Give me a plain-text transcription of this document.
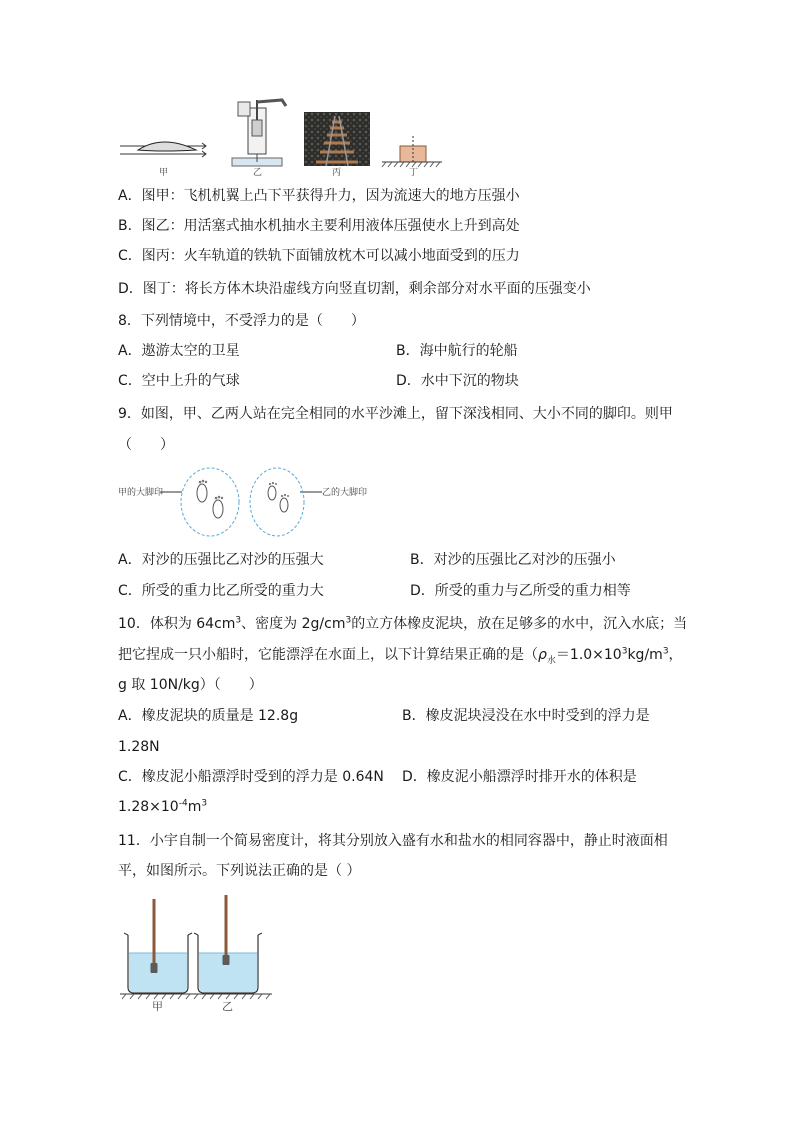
甲	乙	丙	丁
A．图甲：飞机机翼上凸下平获得升力，因为流速大的地方压强小
B．图乙：用活塞式抽水机抽水主要利用液体压强使水上升到高处
C．图丙：火车轨道的铁轨下面铺放枕木可以减小地面受到的压力
D．图丁：将长方体木块沿虚线方向竖直切割，剩余部分对水平面的压强变小
8．下列情境中，不受浮力的是（　　）
A．遨游太空的卫星	B．海中航行的轮船
C．空中上升的气球	D．水中下沉的物块
9．如图，甲、乙两人站在完全相同的水平沙滩上，留下深浅相同、大小不同的脚印。则甲
（　　）
甲的大脚印	乙的大脚印
A．对沙的压强比乙对沙的压强大	B．对沙的压强比乙对沙的压强小
C．所受的重力比乙所受的重力大	D．所受的重力与乙所受的重力相等
10．体积为 $64cm^3$、密度为 $2g/cm^3$的立方体橡皮泥块，放在足够多的水中，沉入水底；当
把它捏成一只小船时，它能漂浮在水面上，以下计算结果正确的是（$\rho_水=1.0\times 10^3kg/m^3$，
g 取 10N/kg）（　　）
A．橡皮泥块的质量是 12.8g	B．橡皮泥块浸没在水中时受到的浮力是
1.28N
C．橡皮泥小船漂浮时受到的浮力是 0.64N D．橡皮泥小船漂浮时排开水的体积是
$1.28\times 10^{-4}m^3$
11．小宇自制一个简易密度计，将其分别放入盛有水和盐水的相同容器中，静止时液面相
平，如图所示。下列说法正确的是（ ）
甲	乙
